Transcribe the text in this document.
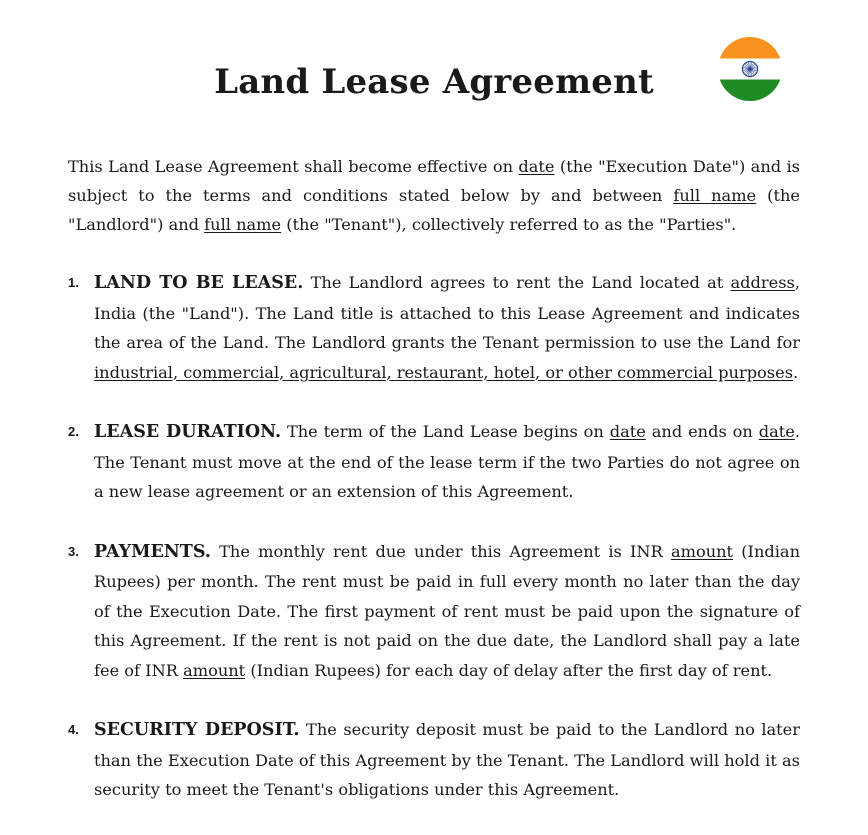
Land Lease Agreement

This Land Lease Agreement shall become effective on date (the "Execution Date") and is subject to the terms and conditions stated below by and between full name (the "Landlord") and full name (the "Tenant"), collectively referred to as the "Parties".

1. LAND TO BE LEASE. The Landlord agrees to rent the Land located at address, India (the "Land"). The Land title is attached to this Lease Agreement and indicates the area of the Land. The Landlord grants the Tenant permission to use the Land for industrial, commercial, agricultural, restaurant, hotel, or other commercial purposes.
2. LEASE DURATION. The term of the Land Lease begins on date and ends on date. The Tenant must move at the end of the lease term if the two Parties do not agree on a new lease agreement or an extension of this Agreement.
3. PAYMENTS. The monthly rent due under this Agreement is INR amount (Indian Rupees) per month. The rent must be paid in full every month no later than the day of the Execution Date. The first payment of rent must be paid upon the signature of this Agreement. If the rent is not paid on the due date, the Landlord shall pay a late fee of INR amount (Indian Rupees) for each day of delay after the first day of rent.
4. SECURITY DEPOSIT. The security deposit must be paid to the Landlord no later than the Execution Date of this Agreement by the Tenant. The Landlord will hold it as security to meet the Tenant's obligations under this Agreement.
